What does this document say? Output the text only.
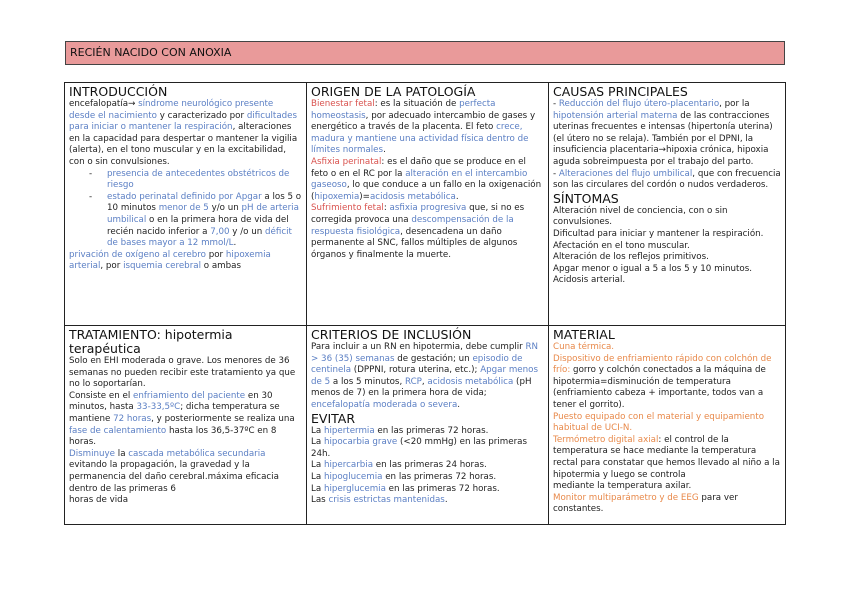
RECIÉN NACIDO CON ANOXIA
INTRODUCCIÓN

encefalopatía→ síndrome neurológico presente desde el nacimiento y caracterizado por dificultades para iniciar o mantener la respiración, alteraciones en la capacidad para despertar o mantener la vigilia (alerta), en el tono muscular y en la excitabilidad, con o sin convulsiones.

- presencia de antecedentes obstétricos de riesgo
- estado perinatal definido por Apgar a los 5 o 10 minutos menor de 5 y/o un pH de arteria umbilical o en la primera hora de vida del recién nacido inferior a 7,00 y /o un déficit de bases mayor a 12 mmol/L.

privación de oxígeno al cerebro por hipoxemia arterial, por isquemia cerebral o ambas

ORIGEN DE LA PATOLOGÍA

Bienestar fetal: es la situación de perfecta homeostasis, por adecuado intercambio de gases y energético a través de la placenta. El feto crece, madura y mantiene una actividad física dentro de límites normales.

Asfixia perinatal: es el daño que se produce en el feto o en el RC por la alteración en el intercambio gaseoso, lo que conduce a un fallo en la oxigenación (hipoxemia)=acidosis metabólica.

Sufrimiento fetal: asfixia progresiva que, si no es corregida provoca una descompensación de la respuesta fisiológica, desencadena un daño permanente al SNC, fallos múltiples de algunos órganos y finalmente la muerte.

CAUSAS PRINCIPALES

- Reducción del flujo útero-placentario, por la hipotensión arterial materna de las contracciones uterinas frecuentes e intensas (hipertonía uterina)

(el útero no se relaja). También por el DPNI, la insuficiencia placentaria→hipoxia crónica, hipoxia aguda sobreimpuesta por el trabajo del parto.

- Alteraciones del flujo umbilical, que con frecuencia son las circulares del cordón o nudos verdaderos.

SÍNTOMAS

Alteración nivel de conciencia, con o sin convulsiones.

Dificultad para iniciar y mantener la respiración.

Afectación en el tono muscular.

Alteración de los reflejos primitivos.

Apgar menor o igual a 5 a los 5 y 10 minutos.

Acidosis arterial.

TRATAMIENTO: hipotermia terapéutica

Solo en EHI moderada o grave. Los menores de 36 semanas no pueden recibir este tratamiento ya que no lo soportarían.

Consiste en el enfriamiento del paciente en 30 minutos, hasta 33-33,5ºC; dicha temperatura se mantiene 72 horas, y posteriormente se realiza una fase de calentamiento hasta los 36,5-37ºC en 8 horas.

Disminuye la cascada metabólica secundaria evitando la propagación, la gravedad y la permanencia del daño cerebral.máxima eficacia dentro de las primeras 6

horas de vida

CRITERIOS DE INCLUSIÓN

Para incluir a un RN en hipotermia, debe cumplir RN > 36 (35) semanas de gestación; un episodio de centinela (DPPNI, rotura uterina, etc.); Apgar menos de 5 a los 5 minutos, RCP, acidosis metabólica (pH menos de 7) en la primera hora de vida; encefalopatía moderada o severa.

EVITAR

La hipertermia en las primeras 72 horas.

La hipocarbia grave (<20 mmHg) en las primeras 24h.

La hipercarbia en las primeras 24 horas.

La hipoglucemia en las primeras 72 horas.

La hiperglucemia en las primeras 72 horas.

Las crisis estrictas mantenidas.

MATERIAL

Cuna térmica.

Dispositivo de enfriamiento rápido con colchón de frío: gorro y colchón conectados a la máquina de hipotermia=disminución de temperatura (enfriamiento cabeza + importante, todos van a tener el gorrito).

Puesto equipado con el material y equipamiento habitual de UCI-N.

Termómetro digital axial: el control de la temperatura se hace mediante la temperatura rectal para constatar que hemos llevado al niño a la hipotermia y luego se controla

mediante la temperatura axilar.

Monitor multiparámetro y de EEG para ver constantes.
